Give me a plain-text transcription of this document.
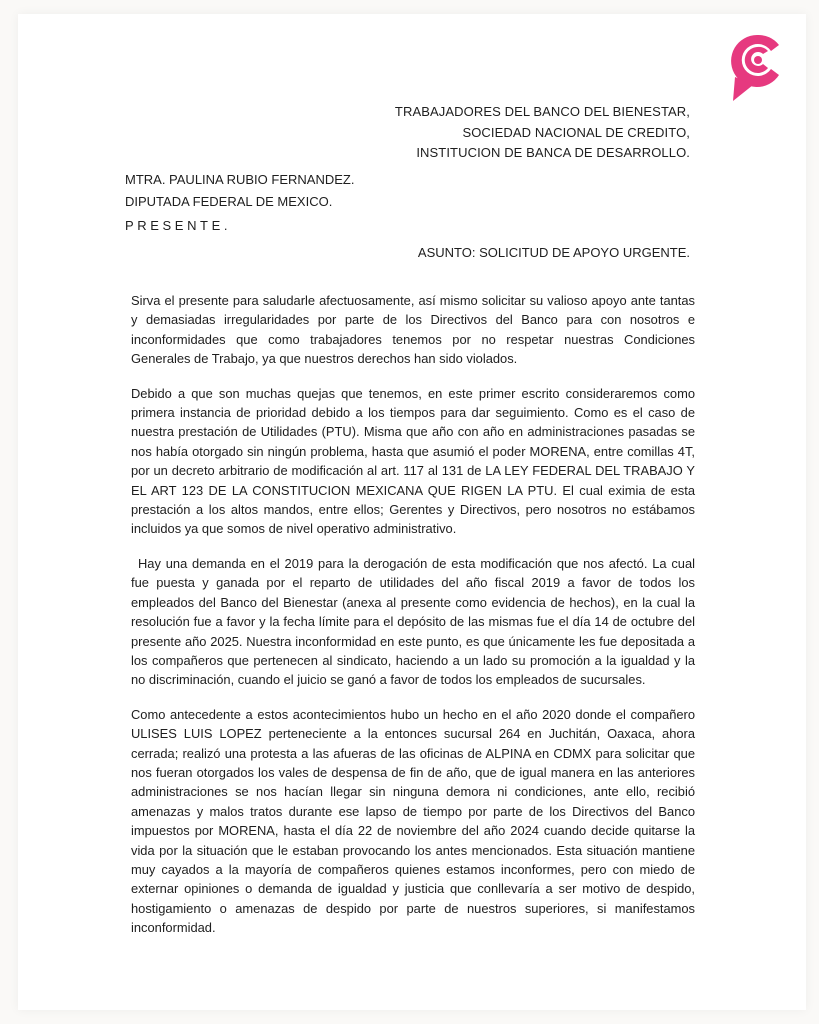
TRABAJADORES DEL BANCO DEL BIENESTAR,
SOCIEDAD NACIONAL DE CREDITO,
INSTITUCION DE BANCA DE DESARROLLO.
MTRA. PAULINA RUBIO FERNANDEZ.
DIPUTADA FEDERAL DE MEXICO.
PRESENTE.
ASUNTO: SOLICITUD DE APOYO URGENTE.

Sirva el presente para saludarle afectuosamente, así mismo solicitar su valioso apoyo ante tantas y demasiadas irregularidades por parte de los Directivos del Banco para con nosotros e inconformidades que como trabajadores tenemos por no respetar nuestras Condiciones Generales de Trabajo, ya que nuestros derechos han sido violados.

Debido a que son muchas quejas que tenemos, en este primer escrito consideraremos como primera instancia de prioridad debido a los tiempos para dar seguimiento. Como es el caso de nuestra prestación de Utilidades (PTU). Misma que año con año en administraciones pasadas se nos había otorgado sin ningún problema, hasta que asumió el poder MORENA, entre comillas 4T, por un decreto arbitrario de modificación al art. 117 al 131 de LA LEY FEDERAL DEL TRABAJO Y EL ART 123 DE LA CONSTITUCION MEXICANA QUE RIGEN LA PTU. El cual eximia de esta prestación a los altos mandos, entre ellos; Gerentes y Directivos, pero nosotros no estábamos incluidos ya que somos de nivel operativo administrativo.

Hay una demanda en el 2019 para la derogación de esta modificación que nos afectó. La cual fue puesta y ganada por el reparto de utilidades del año fiscal 2019 a favor de todos los empleados del Banco del Bienestar (anexa al presente como evidencia de hechos), en la cual la resolución fue a favor y la fecha límite para el depósito de las mismas fue el día 14 de octubre del presente año 2025. Nuestra inconformidad en este punto, es que únicamente les fue depositada a los compañeros que pertenecen al sindicato, haciendo a un lado su promoción a la igualdad y la no discriminación, cuando el juicio se ganó a favor de todos los empleados de sucursales.

Como antecedente a estos acontecimientos hubo un hecho en el año 2020 donde el compañero ULISES LUIS LOPEZ perteneciente a la entonces sucursal 264 en Juchitán, Oaxaca, ahora cerrada; realizó una protesta a las afueras de las oficinas de ALPINA en CDMX para solicitar que nos fueran otorgados los vales de despensa de fin de año, que de igual manera en las anteriores administraciones se nos hacían llegar sin ninguna demora ni condiciones, ante ello, recibió amenazas y malos tratos durante ese lapso de tiempo por parte de los Directivos del Banco impuestos por MORENA, hasta el día 22 de noviembre del año 2024 cuando decide quitarse la vida por la situación que le estaban provocando los antes mencionados. Esta situación mantiene muy cayados a la mayoría de compañeros quienes estamos inconformes, pero con miedo de externar opiniones o demanda de igualdad y justicia que conllevaría a ser motivo de despido, hostigamiento o amenazas de despido por parte de nuestros superiores, si manifestamos inconformidad.
